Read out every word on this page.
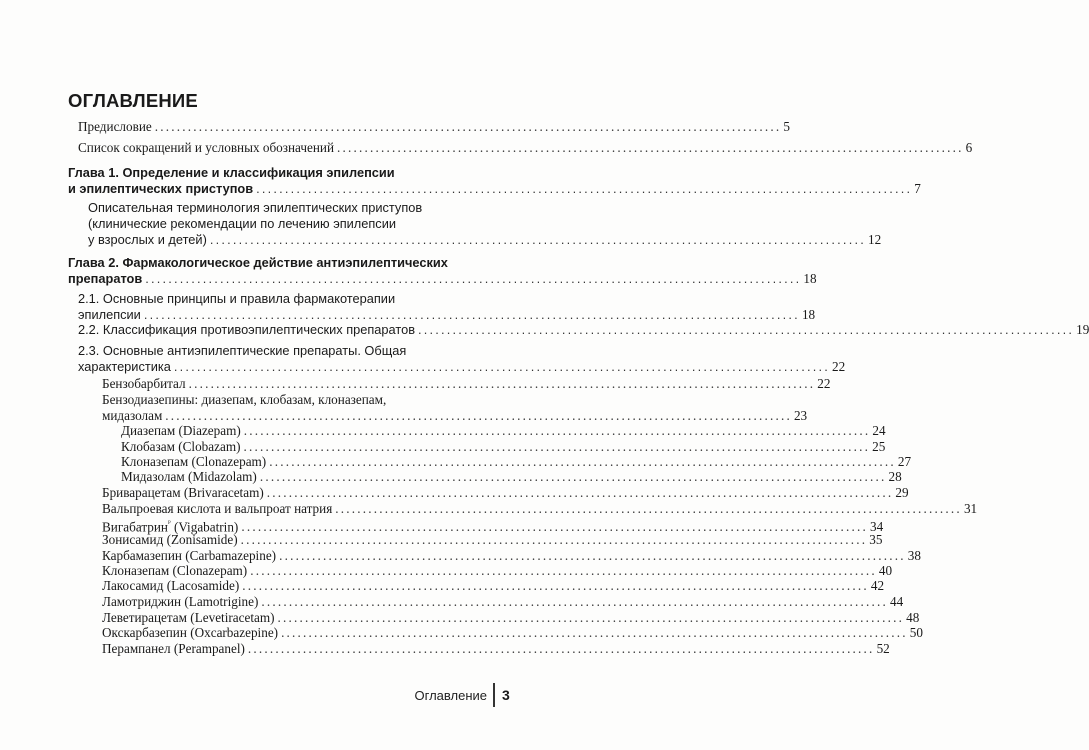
ОГЛАВЛЕНИЕ
Предисловие .................................................................................................................. 5
Список сокращений и условных обозначений .................................................................................................................. 6
Глава 1. Определение и классификация эпилепсии
и эпилептических приступов .................................................................................................................. 7
Описательная терминология эпилептических приступов
(клинические рекомендации по лечению эпилепсии
у взрослых и детей) .................................................................................................................. 12
Глава 2. Фармакологическое действие антиэпилептических
препаратов .................................................................................................................. 18
2.1. Основные принципы и правила фармакотерапии
эпилепсии .................................................................................................................. 18
2.2. Классификация противоэпилептических препаратов .................................................................................................................. 19
2.3. Основные антиэпилептические препараты. Общая
характеристика .................................................................................................................. 22
Бензобарбитал .................................................................................................................. 22
Бензодиазепины: диазепам, клобазам, клоназепам,
мидазолам .................................................................................................................. 23
Диазепам (Diazepam) .................................................................................................................. 24
Клобазам (Clobazam) .................................................................................................................. 25
Клоназепам (Clonazepam) .................................................................................................................. 27
Мидазолам (Midazolam) .................................................................................................................. 28
Бриварацетам (Brivaracetam) .................................................................................................................. 29
Вальпроевая кислота и вальпроат натрия .................................................................................................................. 31
Вигабатрин$^ᴾ$ (Vigabatrin) .................................................................................................................. 34
Зонисамид (Zonisamide) .................................................................................................................. 35
Карбамазепин (Carbamazepine) .................................................................................................................. 38
Клоназепам (Clonazepam) .................................................................................................................. 40
Лакосамид (Lacosamide) .................................................................................................................. 42
Ламотриджин (Lamotrigine) .................................................................................................................. 44
Леветирацетам (Levetiracetam) .................................................................................................................. 48
Окскарбазепин (Oxcarbazepine) .................................................................................................................. 50
Перампанел (Perampanel) .................................................................................................................. 52
Оглавление 3
